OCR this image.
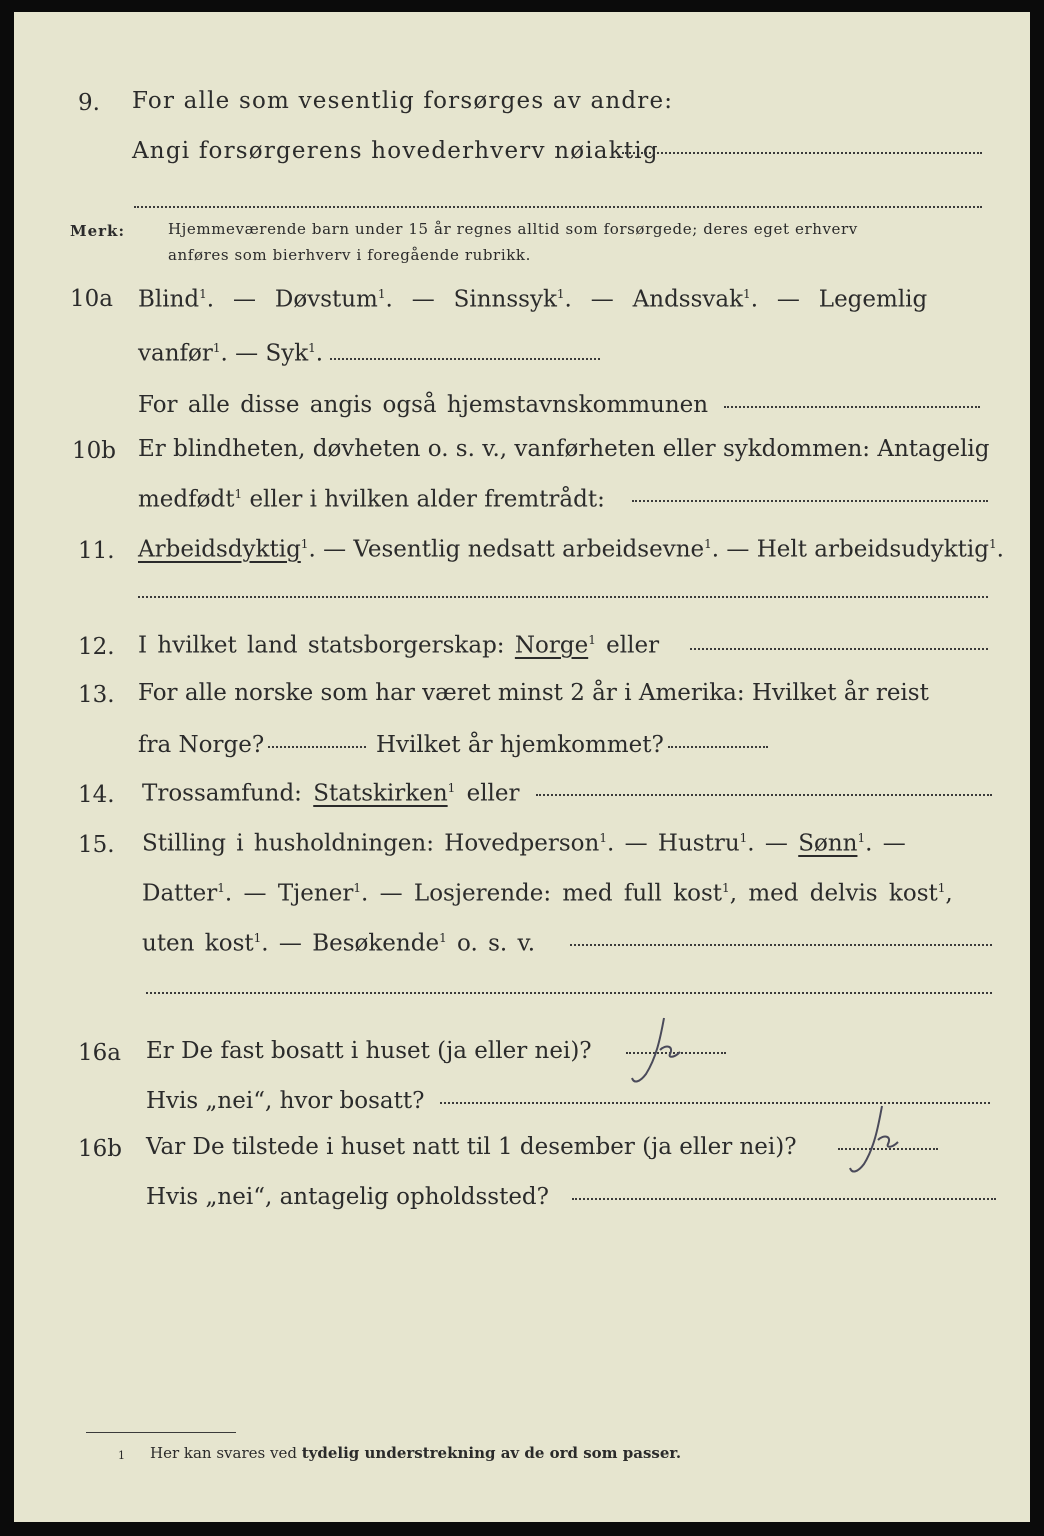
9. For alle som vesentlig forsørges av andre:
Angi forsørgerens hovederhverv nøiaktig
Merk:	Hjemmeværende barn under 15 år regnes alltid som forsørgede; deres eget erhverv
anføres som bierhverv i foregående rubrikk.
10a Blind$^1$.  —  Døvstum$^1$.  —  Sinnssyk$^1$.  —  Andssvak$^1$.  —  Legemlig
vanfør$^1$. — Syk$^1$.
For alle disse angis også hjemstavnskommunen
10b Er blindheten, døvheten o. s. v., vanførheten eller sykdommen: Antagelig
medfødt$^1$ eller i hvilken alder fremtrådt:
11. Arbeidsdyktig$^1$. — Vesentlig nedsatt arbeidsevne$^1$. — Helt arbeidsudyktig$^1$.
12. I hvilket land statsborgerskap: Norge$^1$ eller
13. For alle norske som har været minst 2 år i Amerika: Hvilket år reist
fra Norge?	Hvilket år hjemkommet?
14. Trossamfund: Statskirken$^1$ eller
15. Stilling i husholdningen: Hovedperson$^1$. — Hustru$^1$. — Sønn$^1$. —
Datter$^1$. — Tjener$^1$. — Losjerende: med full kost$^1$, med delvis kost$^1$,
uten kost$^1$. — Besøkende$^1$ o. s. v.
16a Er De fast bosatt i huset (ja eller nei)?
Hvis „nei“, hvor bosatt?
16b Var De tilstede i huset natt til 1 desember (ja eller nei)?
Hvis „nei“, antagelig opholdssted?
1 Her kan svares ved tydelig understrekning av de ord som passer.
